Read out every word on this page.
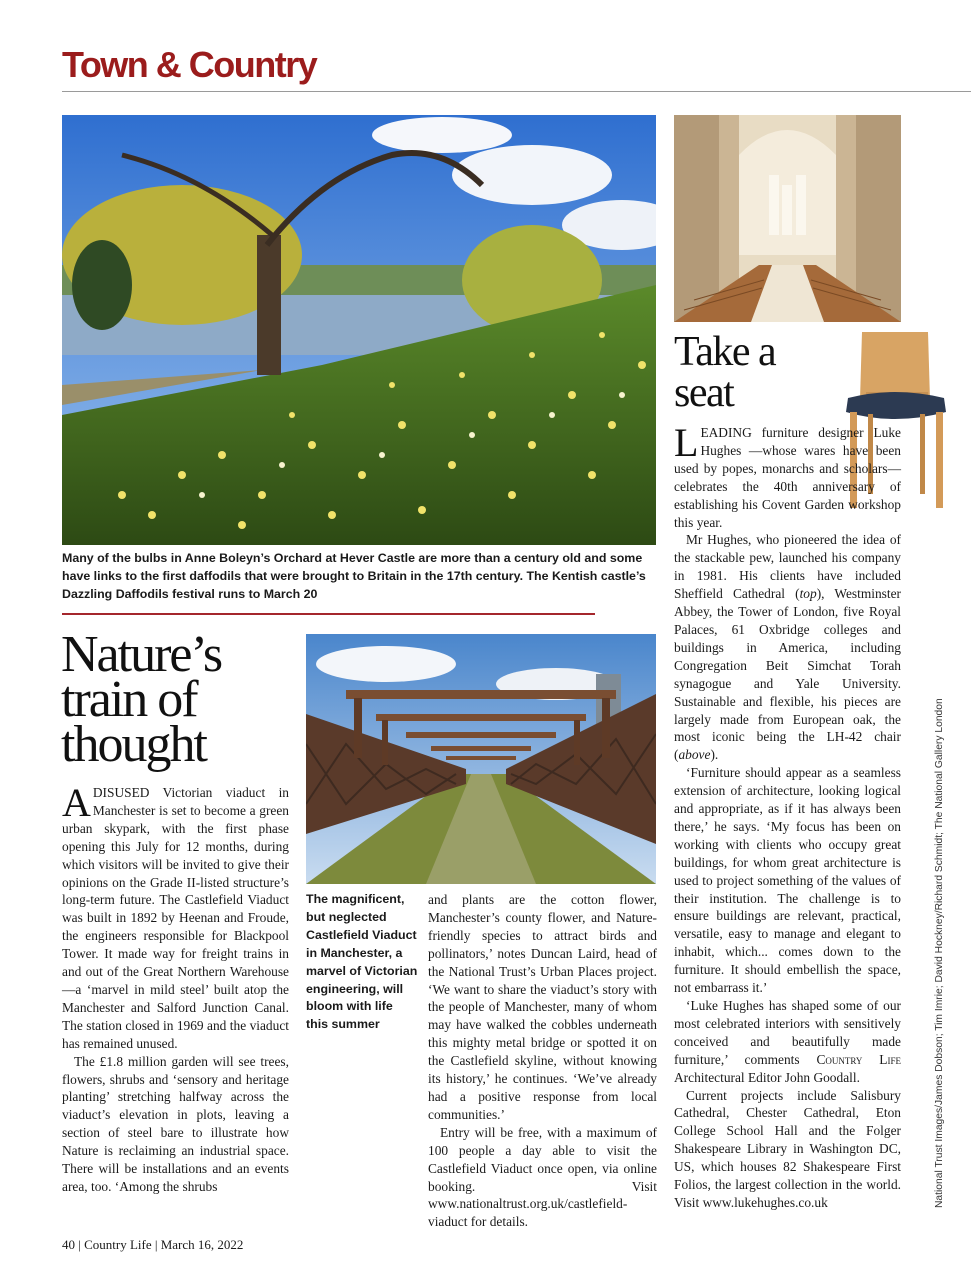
Town & Country
Many of the bulbs in Anne Boleyn’s Orchard at Hever Castle are more than a century old and some have links to the first daffodils that were brought to Britain in the 17th century. The Kentish castle’s Dazzling Daffodils festival runs to March 20
Nature’s train of thought

ADISUSED Victorian viaduct in Manchester is set to become a green urban skypark, with the first phase opening this July for 12 months, during which visitors will be invited to give their opinions on the Grade II-listed structure’s long-term future. The Castlefield Viaduct was built in 1892 by Heenan and Froude, the engineers responsible for Blackpool Tower. It made way for freight trains in and out of the Great Northern Warehouse—a ‘marvel in mild steel’ built atop the Manchester and Salford Junction Canal. The station closed in 1969 and the viaduct has remained unused.

The £1.8 million garden will see trees, flowers, shrubs and ‘sensory and heritage planting’ stretching halfway across the viaduct’s elevation in plots, leaving a section of steel bare to illustrate how Nature is reclaiming an industrial space. There will be installations and an events area, too. ‘Among the shrubs

The magnificent, but neglected Castlefield Viaduct in Manchester, a marvel of Victorian engineering, will bloom with life this summer

and plants are the cotton flower, Manchester’s county flower, and Nature-friendly species to attract birds and pollinators,’ notes Duncan Laird, head of the National Trust’s Urban Places project. ‘We want to share the viaduct’s story with the people of Manchester, many of whom may have walked the cobbles underneath this mighty metal bridge or spotted it on the Castlefield skyline, without knowing its history,’ he continues. ‘We’ve already had a positive response from local communities.’

Entry will be free, with a maximum of 100 people a day able to visit the Castlefield Viaduct once open, via online booking. Visit www.nationaltrust.org.uk/castlefield-viaduct for details.

Take a seat

LEADING furniture designer Luke Hughes —whose wares have been used by popes, monarchs and scholars—celebrates the 40th anniversary of establishing his Covent Garden workshop this year.

Mr Hughes, who pioneered the idea of the stackable pew, launched his company in 1981. His clients have included Sheffield Cathedral (top), Westminster Abbey, the Tower of London, five Royal Palaces, 61 Oxbridge colleges and buildings in America, including Congregation Beit Simchat Torah synagogue and Yale University. Sustainable and flexible, his pieces are largely made from European oak, the most iconic being the LH-42 chair (above).

‘Furniture should appear as a seamless extension of architecture, looking logical and appropriate, as if it has always been there,’ he says. ‘My focus has been on working with clients who occupy great buildings, for whom great architecture is used to project something of the values of their institution. The challenge is to ensure buildings are relevant, practical, versatile, easy to manage and elegant to inhabit, which... comes down to the furniture. It should embellish the space, not embarrass it.’

‘Luke Hughes has shaped some of our most celebrated interiors with sensitively conceived and beautifully made furniture,’ comments Country Life Architectural Editor John Goodall.

Current projects include Salisbury Cathedral, Chester Cathedral, Eton College School Hall and the Folger Shakespeare Library in Washington DC, US, which houses 82 Shakespeare First Folios, the largest collection in the world. Visit www.lukehughes.co.uk	National Trust Images/James Dobson; Tim Imrie; David Hockney/Richard Schmidt; The National Gallery London
40 | Country Life | March 16, 2022
